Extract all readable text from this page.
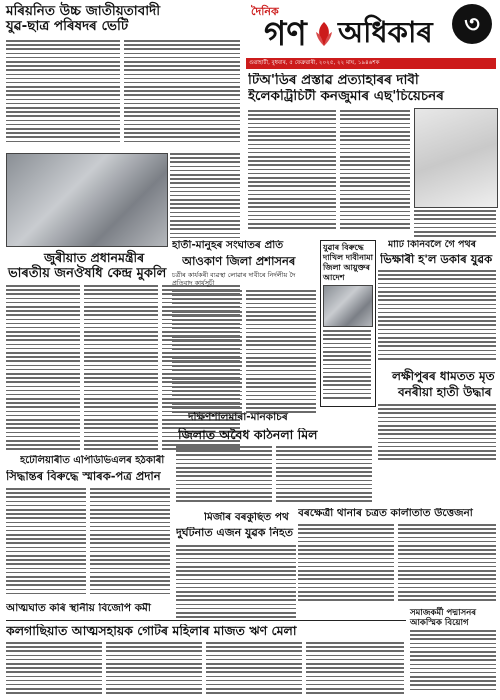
মৰিয়নিত উচ্চ জাতীয়তাবাদী যুৱ-ছাত্ৰ পৰিষদৰ ভেটি
দৈনিক
গণ অধিকাৰ	৩
গুৱাহাটী, বুধবাৰ, ৫ ফেব্ৰুৱাৰী, ২০২৫, ২২ মাঘ, ১৯৪৬শক
টিঅ'ডিৰ প্ৰস্তাৱ প্ৰত্যাহাৰৰ দাবী
ইলেকট্ৰিচিটী কনজুমাৰ এছ'চিয়েচনৰ
জুৰীয়াত প্ৰধানমন্ত্ৰীৰ
ভাৰতীয় জনঔষধি কেন্দ্ৰ মুকলি
হাতী-মানুহৰ সংঘাতৰ প্ৰতি
আওকাণ জিলা প্ৰশাসনৰ
চত্ৰীৰ কাৰ্যকৰী ব্যৱস্থা লোৱাৰ দাবীৰে নিৰ্দলীয় দৈ প্ৰতিবাদ কাৰ্যসূচী
যুৱাৰ বিৰুদ্ধে দাখিল দাবীনামা জিলা আয়ুক্তৰ আদেশ
মাটি কিনিবলৈ গৈ পথৰ
ভিক্ষাৰী হ'ল ডকাৰ যুৱক
লক্ষীপুৰৰ ধামতত মৃত
বনৰীয়া হাতী উদ্ধাৰ
হটেলিয়াৰীত এপিডিভিএলৰ হঠকাৰী
সিদ্ধান্তৰ বিৰুদ্ধে স্মাৰক-পত্ৰ প্ৰদান
দক্ষিণশালমাৰা-মানকাচৰ
জিলাত অবৈধ কাঠনলা মিল
বৰক্ষেত্ৰী থানাৰ চত্ৰত কাৰ্লাতাত উত্তেজনা
আত্মঘাত কৰি স্থানীয় বিজেপি কৰ্মী
মিৰ্জাৰ বৰকুছিত পথ
দুৰ্ঘটনাত এজন যুৱক নিহত
সমাজকৰ্মী পদ্মাসনৰ আকস্মিক বিয়োগ
কলগাছিয়াত আত্মসহায়ক গোটৰ মহিলাৰ মাজত ঋণ মেলা
